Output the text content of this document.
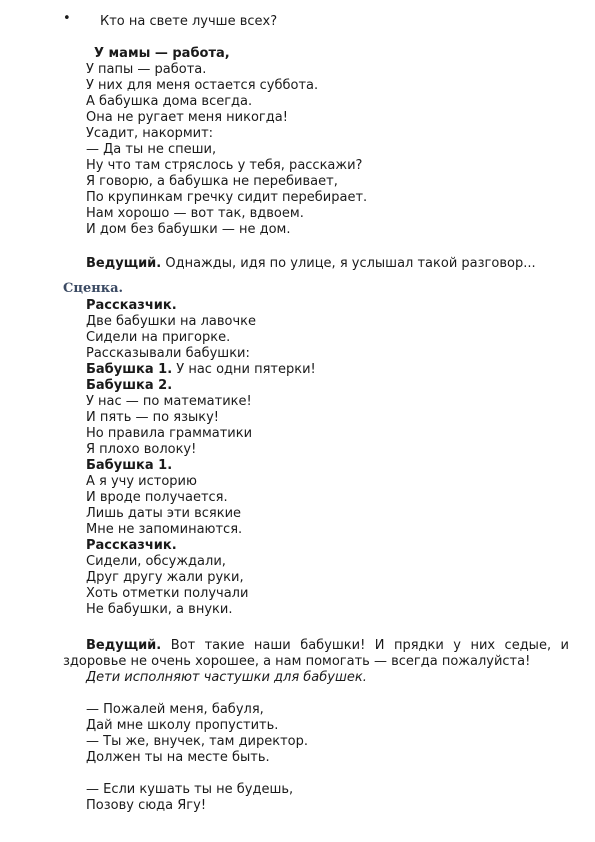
• Кто на свете лучше всех?
У мамы — работа,
У папы — работа.
У них для меня остается суббота.
А бабушка дома всегда.
Она не ругает меня никогда!
Усадит, накормит:
— Да ты не спеши,
Ну что там стряслось у тебя, расскажи?
Я говорю, а бабушка не перебивает,
По крупинкам гречку сидит перебирает.
Нам хорошо — вот так, вдвоем.
И дом без бабушки — не дом.
Ведущий. Однажды, идя по улице, я услышал такой разговор...
Сценка.
Рассказчик.
Две бабушки на лавочке
Сидели на пригорке.
Рассказывали бабушки:
Бабушка 1. У нас одни пятерки!
Бабушка 2.
У нас — по математике!
И пять — по языку!
Но правила грамматики
Я плохо волоку!
Бабушка 1.
А я учу историю
И вроде получается.
Лишь даты эти всякие
Мне не запоминаются.
Рассказчик.
Сидели, обсуждали,
Друг другу жали руки,
Хоть отметки получали
Не бабушки, а внуки.
Ведущий. Вот такие наши бабушки! И прядки у них седые, и здоровье не очень хорошее, а нам помогать — всегда пожалуйста!
Дети исполняют частушки для бабушек.
— Пожалей меня, бабуля,
Дай мне школу пропустить.
— Ты же, внучек, там директор.
Должен ты на месте быть.
— Если кушать ты не будешь,
Позову сюда Ягу!
